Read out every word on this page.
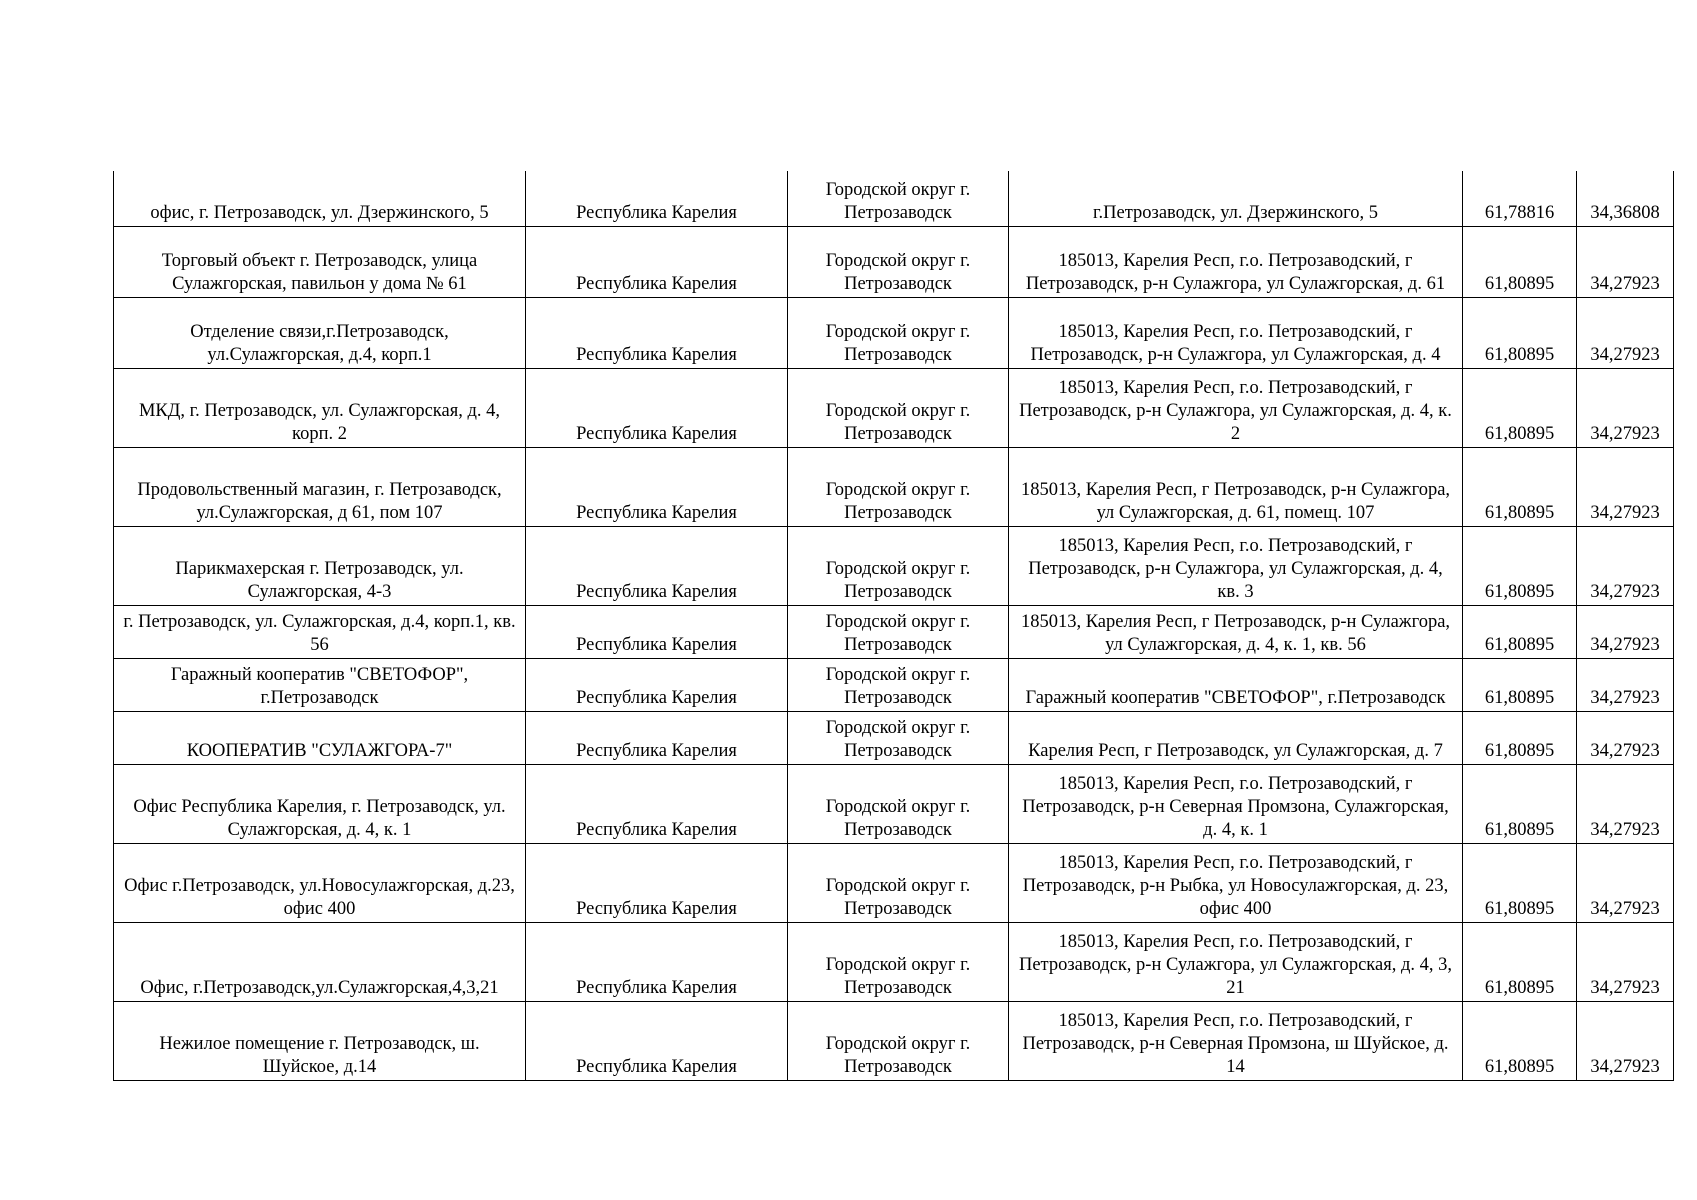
офис, г. Петрозаводск, ул. Дзержинского, 5	Республика Карелия	Городской округ г. Петрозаводск	г.Петрозаводск, ул. Дзержинского, 5	61,78816	34,36808
Торговый объект г. Петрозаводск, улица Сулажгорская, павильон у дома № 61	Республика Карелия	Городской округ г. Петрозаводск	185013, Карелия Респ, г.о. Петрозаводский, г Петрозаводск, р-н Сулажгора, ул Сулажгорская, д. 61	61,80895	34,27923
Отделение связи,г.Петрозаводск, ул.Сулажгорская, д.4, корп.1	Республика Карелия	Городской округ г. Петрозаводск	185013, Карелия Респ, г.о. Петрозаводский, г Петрозаводск, р-н Сулажгора, ул Сулажгорская, д. 4	61,80895	34,27923
МКД, г. Петрозаводск, ул. Сулажгорская, д. 4, корп. 2	Республика Карелия	Городской округ г. Петрозаводск	185013, Карелия Респ, г.о. Петрозаводский, г Петрозаводск, р-н Сулажгора, ул Сулажгорская, д. 4, к. 2	61,80895	34,27923
Продовольственный магазин, г. Петрозаводск, ул.Сулажгорская, д 61, пом 107	Республика Карелия	Городской округ г. Петрозаводск	185013, Карелия Респ, г Петрозаводск, р-н Сулажгора, ул Сулажгорская, д. 61, помещ. 107	61,80895	34,27923
Парикмахерская г. Петрозаводск, ул. Сулажгорская, 4-3	Республика Карелия	Городской округ г. Петрозаводск	185013, Карелия Респ, г.о. Петрозаводский, г Петрозаводск, р-н Сулажгора, ул Сулажгорская, д. 4, кв. 3	61,80895	34,27923
г. Петрозаводск, ул. Сулажгорская, д.4, корп.1, кв. 56	Республика Карелия	Городской округ г. Петрозаводск	185013, Карелия Респ, г Петрозаводск, р-н Сулажгора, ул Сулажгорская, д. 4, к. 1, кв. 56	61,80895	34,27923
Гаражный кооператив "СВЕТОФОР", г.Петрозаводск	Республика Карелия	Городской округ г. Петрозаводск	Гаражный кооператив "СВЕТОФОР", г.Петрозаводск	61,80895	34,27923
КООПЕРАТИВ "СУЛАЖГОРА-7"	Республика Карелия	Городской округ г. Петрозаводск	Карелия Респ, г Петрозаводск, ул Сулажгорская, д. 7	61,80895	34,27923
Офис Республика Карелия, г. Петрозаводск, ул. Сулажгорская, д. 4, к. 1	Республика Карелия	Городской округ г. Петрозаводск	185013, Карелия Респ, г.о. Петрозаводский, г Петрозаводск, р-н Северная Промзона, Сулажгорская, д. 4, к. 1	61,80895	34,27923
Офис г.Петрозаводск, ул.Новосулажгорская, д.23, офис 400	Республика Карелия	Городской округ г. Петрозаводск	185013, Карелия Респ, г.о. Петрозаводский, г Петрозаводск, р-н Рыбка, ул Новосулажгорская, д. 23, офис 400	61,80895	34,27923
Офис, г.Петрозаводск,ул.Сулажгорская,4,3,21	Республика Карелия	Городской округ г. Петрозаводск	185013, Карелия Респ, г.о. Петрозаводский, г Петрозаводск, р-н Сулажгора, ул Сулажгорская, д. 4, 3, 21	61,80895	34,27923
Нежилое помещение г. Петрозаводск, ш. Шуйское, д.14	Республика Карелия	Городской округ г. Петрозаводск	185013, Карелия Респ, г.о. Петрозаводский, г Петрозаводск, р-н Северная Промзона, ш Шуйское, д. 14	61,80895	34,27923
